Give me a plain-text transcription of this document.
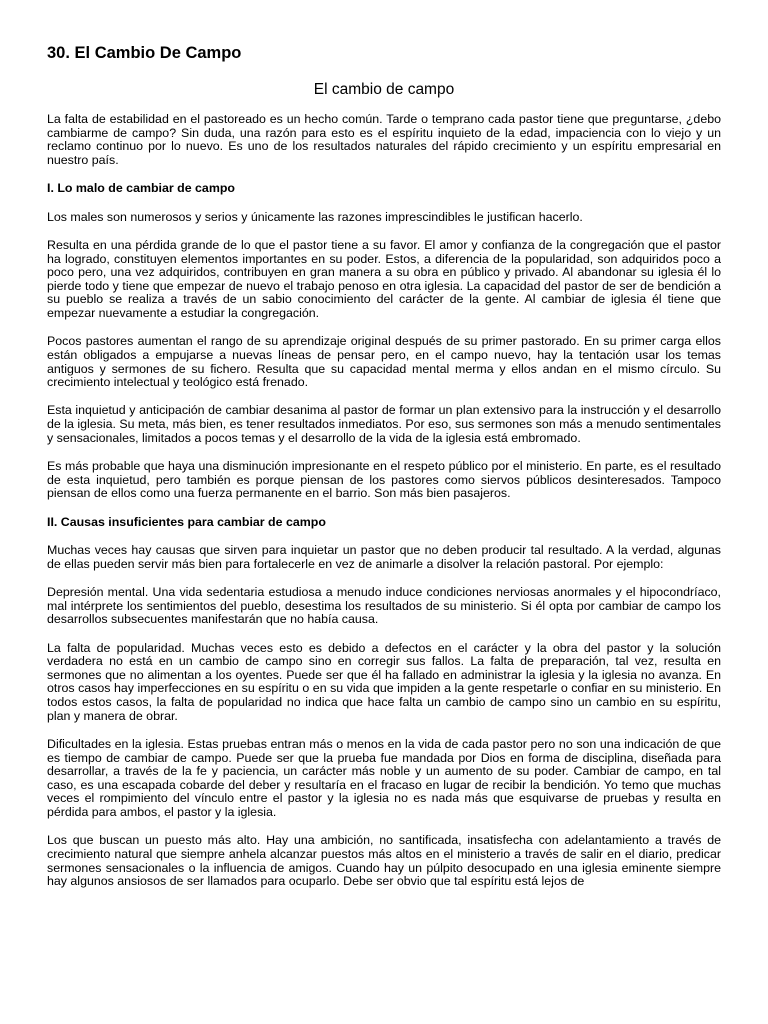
30. El Cambio De Campo
El cambio de campo

La falta de estabilidad en el pastoreado es un hecho común. Tarde o temprano cada pastor tiene que preguntarse, ¿debo cambiarme de campo? Sin duda, una razón para esto es el espíritu inquieto de la edad, impaciencia con lo viejo y un reclamo continuo por lo nuevo. Es uno de los resultados naturales del rápido crecimiento y un espíritu empresarial en nuestro país.

I. Lo malo de cambiar de campo

Los males son numerosos y serios y únicamente las razones imprescindibles le justifican hacerlo.

Resulta en una pérdida grande de lo que el pastor tiene a su favor. El amor y confianza de la congregación que el pastor ha logrado, constituyen elementos importantes en su poder. Estos, a diferencia de la popularidad, son adquiridos poco a poco pero, una vez adquiridos, contribuyen en gran manera a su obra en público y privado. Al abandonar su iglesia él lo pierde todo y tiene que empezar de nuevo el trabajo penoso en otra iglesia. La capacidad del pastor de ser de bendición a su pueblo se realiza a través de un sabio conocimiento del carácter de la gente. Al cambiar de iglesia él tiene que empezar nuevamente a estudiar la congregación.

Pocos pastores aumentan el rango de su aprendizaje original después de su primer pastorado. En su primer carga ellos están obligados a empujarse a nuevas líneas de pensar pero, en el campo nuevo, hay la tentación usar los temas antiguos y sermones de su fichero. Resulta que su capacidad mental merma y ellos andan en el mismo círculo. Su crecimiento intelectual y teológico está frenado.

Esta inquietud y anticipación de cambiar desanima al pastor de formar un plan extensivo para la instrucción y el desarrollo de la iglesia. Su meta, más bien, es tener resultados inmediatos. Por eso, sus sermones son más a menudo sentimentales y sensacionales, limitados a pocos temas y el desarrollo de la vida de la iglesia está embromado.

Es más probable que haya una disminución impresionante en el respeto público por el ministerio. En parte, es el resultado de esta inquietud, pero también es porque piensan de los pastores como siervos públicos desinteresados. Tampoco piensan de ellos como una fuerza permanente en el barrio. Son más bien pasajeros.

II. Causas insuficientes para cambiar de campo

Muchas veces hay causas que sirven para inquietar un pastor que no deben producir tal resultado. A la verdad, algunas de ellas pueden servir más bien para fortalecerle en vez de animarle a disolver la relación pastoral. Por ejemplo:

Depresión mental. Una vida sedentaria estudiosa a menudo induce condiciones nerviosas anormales y el hipocondríaco, mal intérprete los sentimientos del pueblo, desestima los resultados de su ministerio. Si él opta por cambiar de campo los desarrollos subsecuentes manifestarán que no había causa.

La falta de popularidad. Muchas veces esto es debido a defectos en el carácter y la obra del pastor y la solución verdadera no está en un cambio de campo sino en corregir sus fallos. La falta de preparación, tal vez, resulta en sermones que no alimentan a los oyentes. Puede ser que él ha fallado en administrar la iglesia y la iglesia no avanza. En otros casos hay imperfecciones en su espíritu o en su vida que impiden a la gente respetarle o confiar en su ministerio. En todos estos casos, la falta de popularidad no indica que hace falta un cambio de campo sino un cambio en su espíritu, plan y manera de obrar.

Dificultades en la iglesia. Estas pruebas entran más o menos en la vida de cada pastor pero no son una indicación de que es tiempo de cambiar de campo. Puede ser que la prueba fue mandada por Dios en forma de disciplina, diseñada para desarrollar, a través de la fe y paciencia, un carácter más noble y un aumento de su poder. Cambiar de campo, en tal caso, es una escapada cobarde del deber y resultaría en el fracaso en lugar de recibir la bendición. Yo temo que muchas veces el rompimiento del vínculo entre el pastor y la iglesia no es nada más que esquivarse de pruebas y resulta en pérdida para ambos, el pastor y la iglesia.

Los que buscan un puesto más alto. Hay una ambición, no santificada, insatisfecha con adelantamiento a través de crecimiento natural que siempre anhela alcanzar puestos más altos en el ministerio a través de salir en el diario, predicar sermones sensacionales o la influencia de amigos. Cuando hay un púlpito desocupado en una iglesia eminente siempre hay algunos ansiosos de ser llamados para ocuparlo. Debe ser obvio que tal espíritu está lejos de
